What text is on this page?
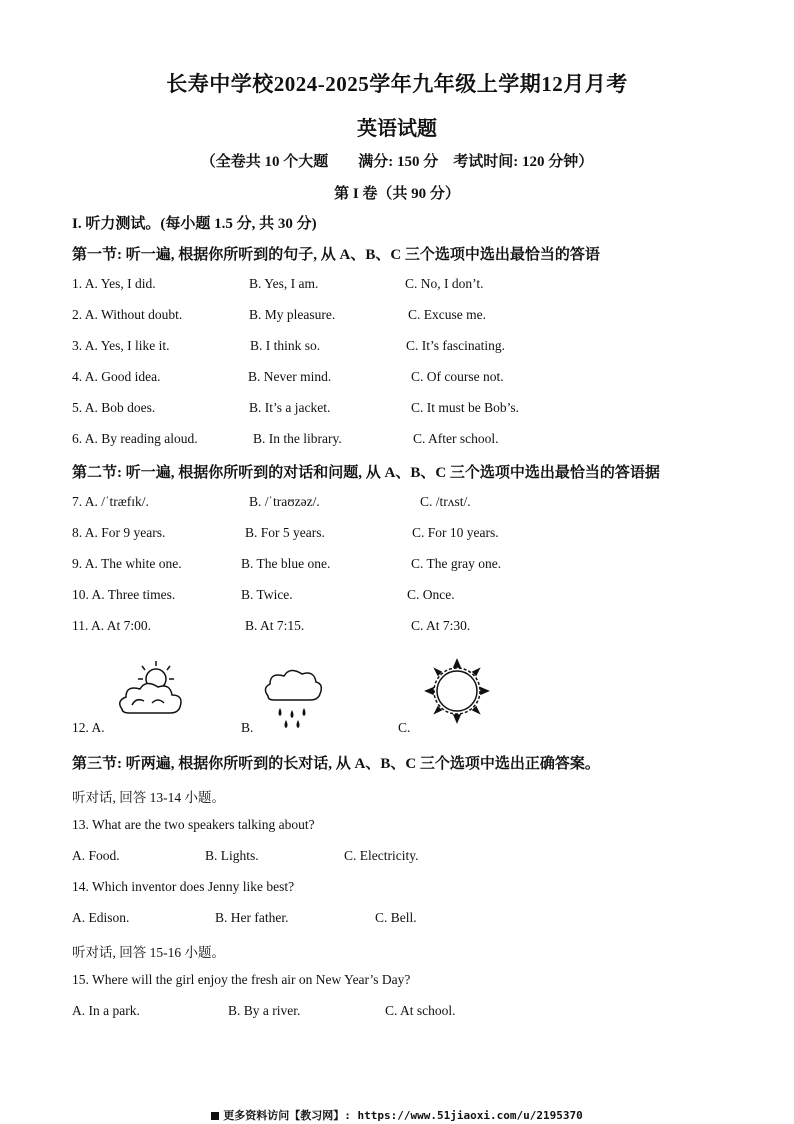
长寿中学校2024-2025学年九年级上学期12月月考
英语试题
（全卷共 10 个大题　　满分: 150 分　考试时间: 120 分钟）
第 I 卷（共 90 分）
I. 听力测试。(每小题 1.5 分, 共 30 分)
第一节: 听一遍, 根据你所听到的句子, 从 A、B、C 三个选项中选出最恰当的答语
1. A. Yes, I did.	B. Yes, I am.	C. No, I don’t.
2. A. Without doubt.	B. My pleasure.	C. Excuse me.
3. A. Yes, I like it.	B. I think so.	C. It’s fascinating.
4. A. Good idea.	B. Never mind.	C. Of course not.
5. A. Bob does.	B. It’s a jacket.	C. It must be Bob’s.
6. A. By reading aloud.	B. In the library.	C. After school.
第二节: 听一遍, 根据你所听到的对话和问题, 从 A、B、C 三个选项中选出最恰当的答语据
7. A. /ˈtræfɪk/.	B. /ˈtraʊzəz/.	C. /trʌst/.
8. A. For 9 years.	B. For 5 years.	C. For 10 years.
9. A. The white one.	B. The blue one.	C. The gray one.
10. A. Three times.	B. Twice.	C. Once.
11. A. At 7:00.	B. At 7:15.	C. At 7:30.
12. A.	B.	C.
第三节: 听两遍, 根据你所听到的长对话, 从 A、B、C 三个选项中选出正确答案。
听对话, 回答 13-14 小题。
13. What are the two speakers talking about?
A. Food.	B. Lights.	C. Electricity.
14. Which inventor does Jenny like best?
A. Edison.	B. Her father.	C. Bell.
听对话, 回答 15-16 小题。
15. Where will the girl enjoy the fresh air on New Year’s Day?
A. In a park.	B. By a river.	C. At school.
更多资料访问【教习网】: https://www.51jiaoxi.com/u/2195370
